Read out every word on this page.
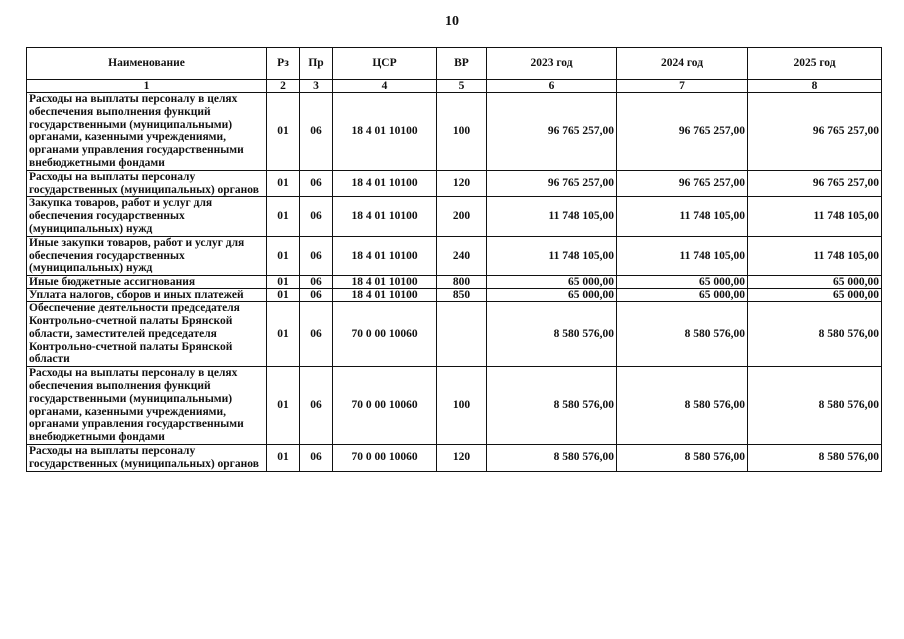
10
Наименование	Рз	Пр	ЦСР	ВР	2023 год	2024 год	2025 год
1	2	3	4	5	6	7	8
Расходы на выплаты персоналу в целях обеспечения выполнения функций государственными (муниципальными) органами, казенными учреждениями, органами управления государственными внебюджетными фондами	01	06	18 4 01 10100	100	96 765 257,00	96 765 257,00	96 765 257,00
Расходы на выплаты персоналу государственных (муниципальных) органов	01	06	18 4 01 10100	120	96 765 257,00	96 765 257,00	96 765 257,00
Закупка товаров, работ и услуг для обеспечения государственных (муниципальных) нужд	01	06	18 4 01 10100	200	11 748 105,00	11 748 105,00	11 748 105,00
Иные закупки товаров, работ и услуг для обеспечения государственных (муниципальных) нужд	01	06	18 4 01 10100	240	11 748 105,00	11 748 105,00	11 748 105,00
Иные бюджетные ассигнования	01	06	18 4 01 10100	800	65 000,00	65 000,00	65 000,00
Уплата налогов, сборов и иных платежей	01	06	18 4 01 10100	850	65 000,00	65 000,00	65 000,00
Обеспечение деятельности председателя Контрольно-счетной палаты Брянской области, заместителей председателя Контрольно-счетной палаты Брянской области	01	06	70 0 00 10060		8 580 576,00	8 580 576,00	8 580 576,00
Расходы на выплаты персоналу в целях обеспечения выполнения функций государственными (муниципальными) органами, казенными учреждениями, органами управления государственными внебюджетными фондами	01	06	70 0 00 10060	100	8 580 576,00	8 580 576,00	8 580 576,00
Расходы на выплаты персоналу государственных (муниципальных) органов	01	06	70 0 00 10060	120	8 580 576,00	8 580 576,00	8 580 576,00
